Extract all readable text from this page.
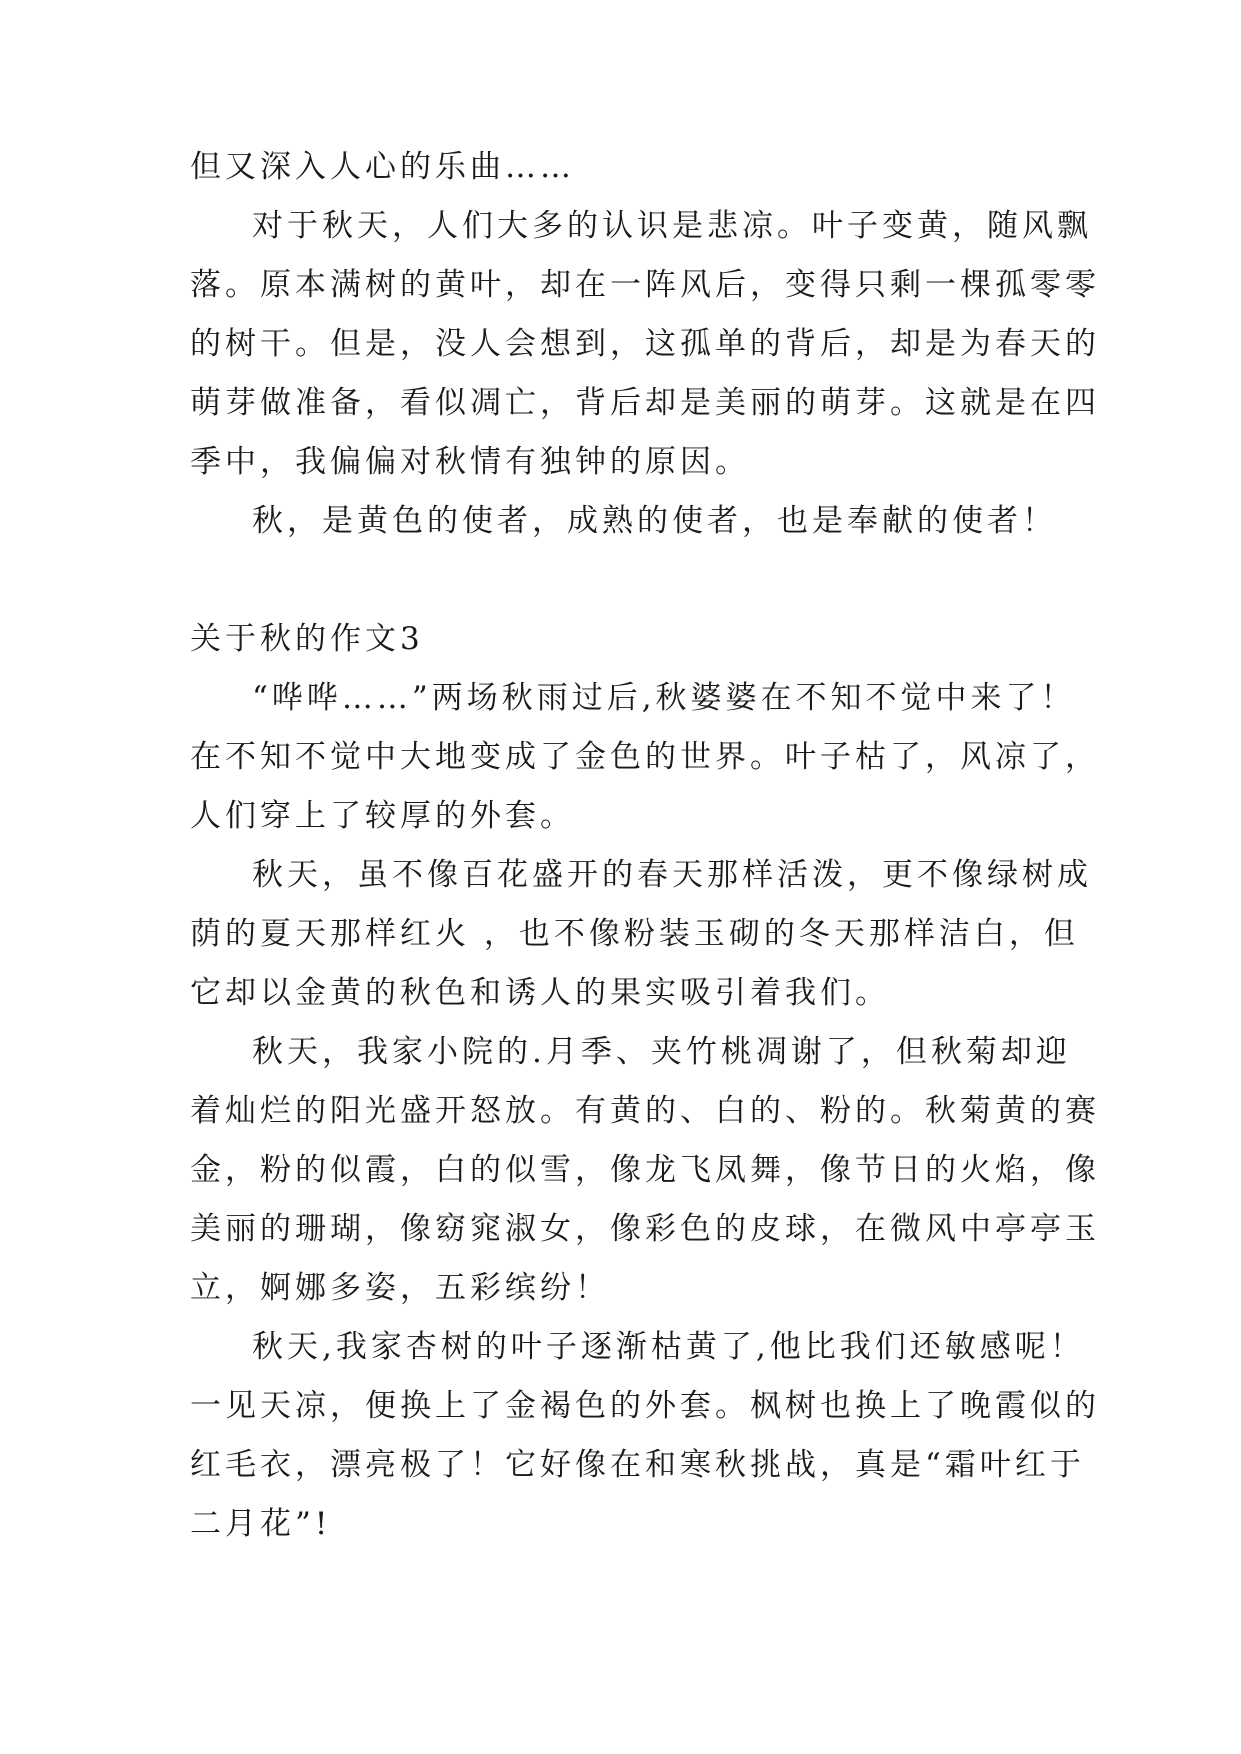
但又深入人心的乐曲……
对于秋天，人们大多的认识是悲凉。叶子变黄，随风飘
落。原本满树的黄叶，却在一阵风后，变得只剩一棵孤零零
的树干。但是，没人会想到，这孤单的背后，却是为春天的
萌芽做准备，看似凋亡，背后却是美丽的萌芽。这就是在四
季中，我偏偏对秋情有独钟的原因。
秋，是黄色的使者，成熟的使者，也是奉献的使者！
关于秋的作文3
“哗哗……”两场秋雨过后,秋婆婆在不知不觉中来了！
在不知不觉中大地变成了金色的世界。叶子枯了，风凉了，
人们穿上了较厚的外套。
秋天，虽不像百花盛开的春天那样活泼，更不像绿树成
荫的夏天那样红火 ，也不像粉装玉砌的冬天那样洁白，但
它却以金黄的秋色和诱人的果实吸引着我们。
秋天，我家小院的.月季、夹竹桃凋谢了，但秋菊却迎
着灿烂的阳光盛开怒放。有黄的、白的、粉的。秋菊黄的赛
金，粉的似霞，白的似雪，像龙飞凤舞，像节日的火焰，像
美丽的珊瑚，像窈窕淑女，像彩色的皮球，在微风中亭亭玉
立，婀娜多姿，五彩缤纷！
秋天,我家杏树的叶子逐渐枯黄了,他比我们还敏感呢！
一见天凉，便换上了金褐色的外套。枫树也换上了晚霞似的
红毛衣，漂亮极了！它好像在和寒秋挑战，真是“霜叶红于
二月花”!
